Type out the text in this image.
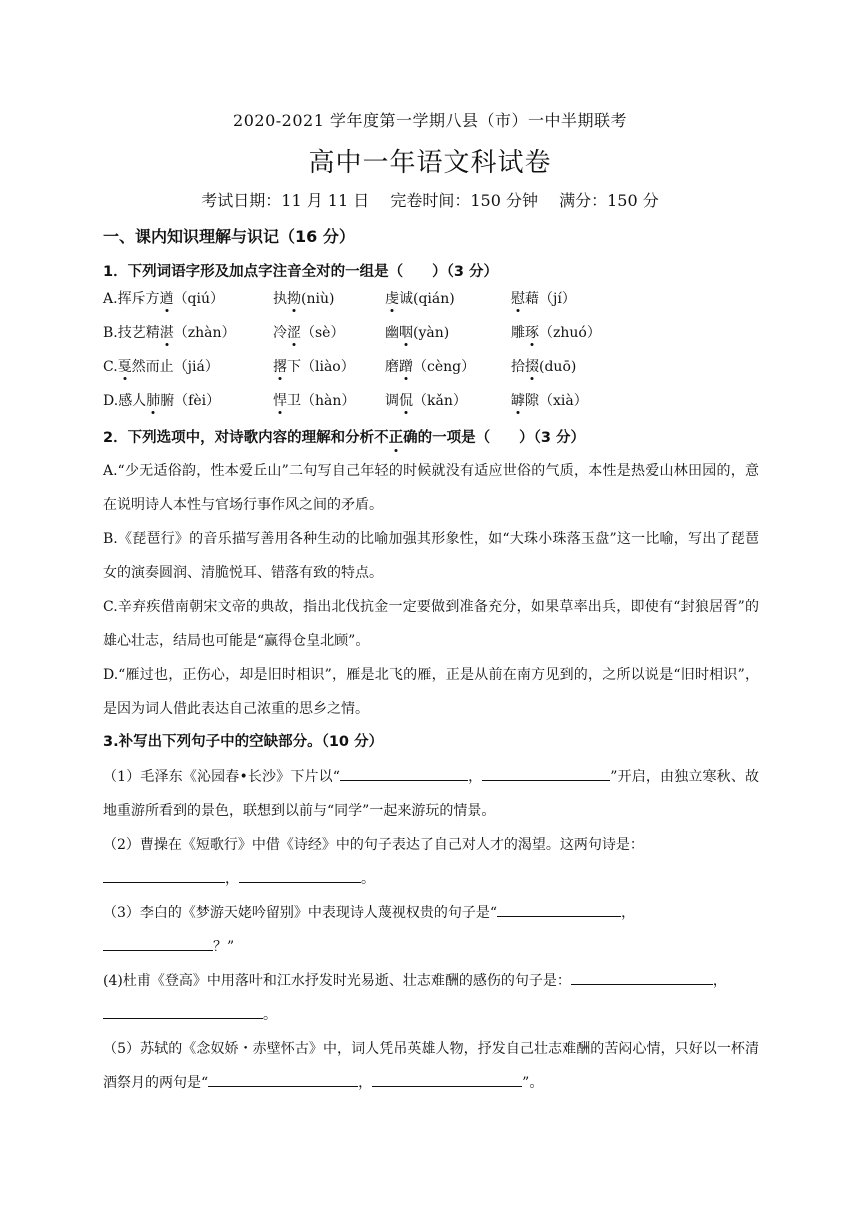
2020-2021 学年度第一学期八县（市）一中半期联考
高中一年语文科试卷
考试日期：11 月 11 日 完卷时间：150 分钟 满分：150 分
一、课内知识理解与识记（16 分）
1．下列词语字形及加点字注音全对的一组是（　　）（3 分）
A.挥斥方遒（qiú）	执拗(niù)	虔诚(qián)	慰藉（jí）
B.技艺精湛（zhàn）	冷涩（sè）	幽咽(yàn)	雕琢（zhuó）
C.戛然而止（jiá）	撂下（liào） 磨蹭（cèng）	拾掇(duō)
D.感人肺腑（fèi）	悍卫（hàn） 调侃（kǎn）	罅隙（xià）
2．下列选项中，对诗歌内容的理解和分析不正确的一项是（　　）（3 分）

A.“少无适俗韵，性本爱丘山”二句写自己年轻的时候就没有适应世俗的气质，本性是热爱山林田园的，意在说明诗人本性与官场行事作风之间的矛盾。

B.《琵琶行》的音乐描写善用各种生动的比喻加强其形象性，如“大珠小珠落玉盘”这一比喻，写出了琵琶女的演奏圆润、清脆悦耳、错落有致的特点。

C.辛弃疾借南朝宋文帝的典故，指出北伐抗金一定要做到准备充分，如果草率出兵，即使有“封狼居胥”的雄心壮志，结局也可能是“赢得仓皇北顾”。

D.“雁过也，正伤心，却是旧时相识”，雁是北飞的雁，正是从前在南方见到的，之所以说是“旧时相识”，是因为词人借此表达自己浓重的思乡之情。

3.补写出下列句子中的空缺部分。（10 分）

（1）毛泽东《沁园春•长沙》下片以“	，	”开启，由独立寒秋、故地重游所看到的景色，联想到以前与“同学”一起来游玩的情景。

（2）曹操在《短歌行》中借《诗经》中的句子表达了自己对人才的渴望。这两句诗是：
，	。

（3）李白的《梦游天姥吟留别》中表现诗人蔑视权贵的句子是“	，
？”

(4)杜甫《登高》中用落叶和江水抒发时光易逝、壮志难酬的感伤的句子是：	，
。

（5）苏轼的《念奴娇・赤壁怀古》中，词人凭吊英雄人物，抒发自己壮志难酬的苦闷心情，只好以一杯清酒祭月的两句是“	，	”。
